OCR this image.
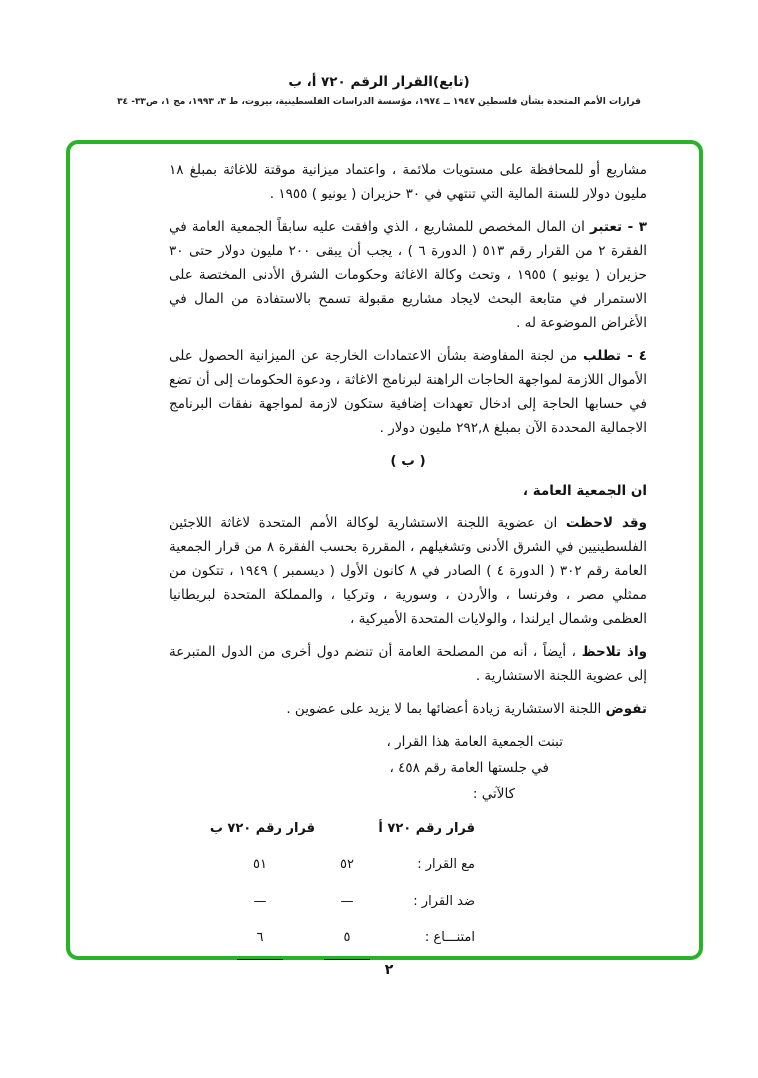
(تابع)القرار الرقم ٧٢٠ أ، ب
قرارات الأمم المتحدة بشأن فلسطين ١٩٤٧ ــ ١٩٧٤، مؤسسة الدراسات الفلسطينية، بيروت، ط ٣، ١٩٩٣، مج ١، ص٣٣- ٣٤

مشاريع أو للمحافظة على مستويات ملائمة ، واعتماد ميزانية موقتة للاغاثة بمبلغ ١٨ مليون دولار للسنة المالية التي تنتهي في ٣٠ حزيران ( يونيو ) ١٩٥٥ .

٣ - تعتبر ان المال المخصص للمشاريع ، الذي وافقت عليه سابقاً الجمعية العامة في الفقرة ٢ من القرار رقم ٥١٣ ( الدورة ٦ ) ، يجب أن يبقى ٢٠٠ مليون دولار حتى ٣٠ حزيران ( يونيو ) ١٩٥٥ ، وتحث وكالة الاغاثة وحكومات الشرق الأدنى المختصة على الاستمرار في متابعة البحث لايجاد مشاريع مقبولة تسمح بالاستفادة من المال في الأغراض الموضوعة له .

٤ - تطلب من لجنة المفاوضة بشأن الاعتمادات الخارجة عن الميزانية الحصول على الأموال اللازمة لمواجهة الحاجات الراهنة لبرنامج الاغاثة ، ودعوة الحكومات إلى أن تضع في حسابها الحاجة إلى ادخال تعهدات إضافية ستكون لازمة لمواجهة نفقات البرنامج الاجمالية المحددة الآن بمبلغ ٢٩٢,٨ مليون دولار .

( ب )

ان الجمعية العامة ،

وقد لاحظت ان عضوية اللجنة الاستشارية لوكالة الأمم المتحدة لاغاثة اللاجئين الفلسطينيين في الشرق الأدنى وتشغيلهم ، المقررة بحسب الفقرة ٨ من قرار الجمعية العامة رقم ٣٠٢ ( الدورة ٤ ) الصادر في ٨ كانون الأول ( ديسمبر ) ١٩٤٩ ، تتكون من ممثلي مصر ، وفرنسا ، والأردن ، وسورية ، وتركيا ، والمملكة المتحدة لبريطانيا العظمى وشمال ايرلندا ، والولايات المتحدة الأميركية ،

واذ تلاحظ ، أيضاً ، أنه من المصلحة العامة أن تنضم دول أخرى من الدول المتبرعة إلى عضوية اللجنة الاستشارية .

تفوض اللجنة الاستشارية زيادة أعضائها بما لا يزيد على عضوين .

تبنت الجمعية العامة هذا القرار ،
في جلستها العامة رقم ٤٥٨ ،
كالآتي :
قرار رقم ٧٢٠ أ
قرار رقم ٧٢٠ ب
مع القرار :
٥٢
٥١
ضد القرار :
—
—
امتنـــاع :
٥
٦
٢
